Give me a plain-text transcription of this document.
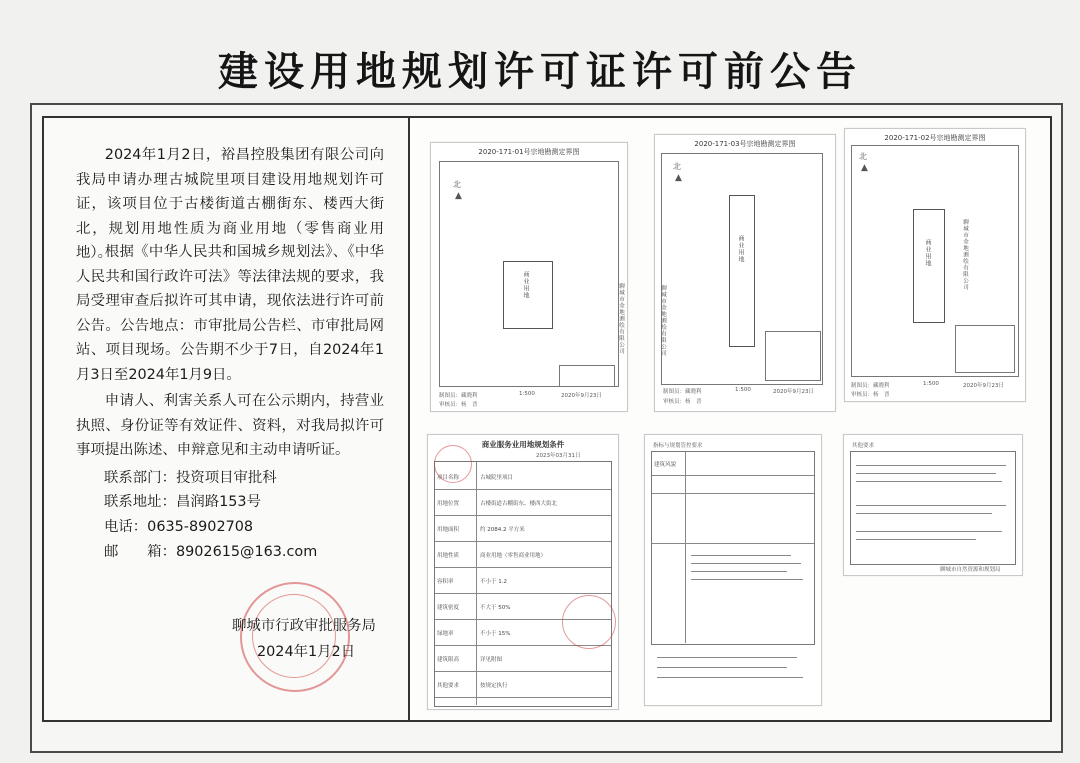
建设用地规划许可证许可前公告

2024年1月2日，裕昌控股集团有限公司向我局申请办理古城院里项目建设用地规划许可证，该项目位于古楼街道古棚街东、楼西大街北，规划用地性质为商业用地（零售商业用地）。

根据《中华人民共和国城乡规划法》、《中华人民共和国行政许可法》等法律法规的要求，我局受理审查后拟许可其申请，现依法进行许可前公告。公告地点：市审批局公告栏、市审批局网站、项目现场。公告期不少于7日，自2024年1月3日至2024年1月9日。

申请人、利害关系人可在公示期内，持营业执照、身份证等有效证件、资料，对我局拟许可事项提出陈述、申辩意见和主动申请听证。

联系部门：投资项目审批科
联系地址：昌润路153号
电话：0635-8902708
邮　　箱：8902615@163.com
聊城市行政审批服务局
2024年1月2日
2020-171-01号宗地勘测定界图
北
▲
商业用地	聊城市金地测绘有限公司
制图员：藏晓利
审核员：杨　晋
1:500	2020年9月23日
2020-171-03号宗地勘测定界图
北
▲
商业用地
聊城市金地测绘有限公司
制图员：藏晓利
审核员：杨　晋
1:500	2020年9月23日
2020-171-02号宗地勘测定界图
北
▲
商业用地	聊城市金地测绘有限公司
制图员：藏晓利
审核员：杨　晋
1:500	2020年9月23日
商业服务业用地规划条件
2023年03月31日
项目名称	古城院里项目
用地位置	古楼街道古棚街东、楼西大街北
用地面积	约 2084.2 平方米
用地性质	商业用地（零售商业用地）
容积率	不小于 1.2
建筑密度	不大于 50%
绿地率	不小于 15%
建筑限高	详见附图
其他要求	按规定执行
指标与规划管控要求
建筑风貌
其他要求
聊城市自然资源和规划局
